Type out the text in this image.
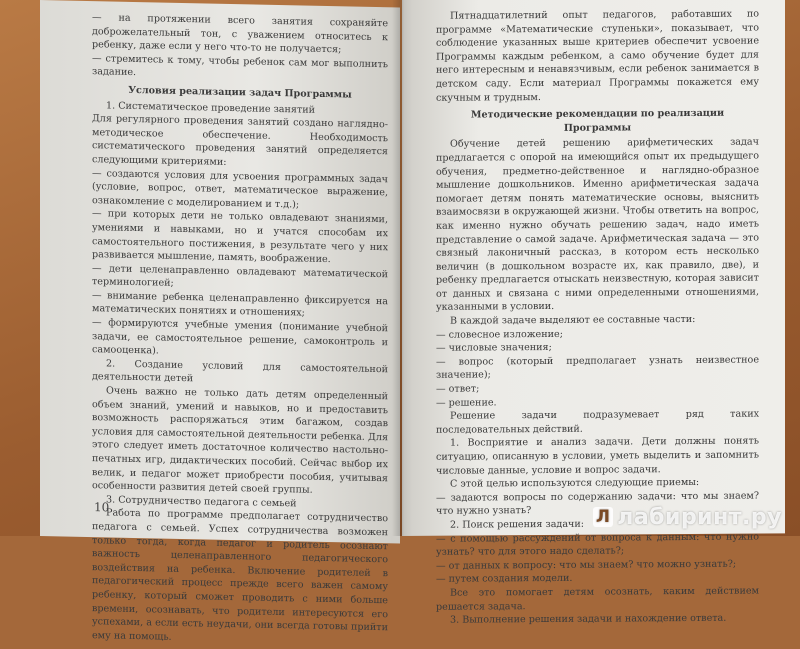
— на протяжении всего занятия сохраняйте доброжелательный тон, с уважением относитесь к ребенку, даже если у него что-то не получается;

— стремитесь к тому, чтобы ребенок сам мог выполнить задание.

Условия реализации задач Программы

1. Систематическое проведение занятий

Для регулярного проведения занятий создано наглядно-методическое обеспечение. Необходимость систематического проведения занятий определяется следующими критериями:

— создаются условия для усвоения программных задач (условие, вопрос, ответ, математическое выражение, ознакомление с моделированием и т.д.);

— при которых дети не только овладевают знаниями, умениями и навыками, но и учатся способам их самостоятельного постижения, в результате чего у них развивается мышление, память, воображение.

— дети целенаправленно овладевают математической терминологией;

— внимание ребенка целенаправленно фиксируется на математических понятиях и отношениях;

— формируются учебные умения (понимание учебной задачи, ее самостоятельное решение, самоконтроль и самооценка).

2. Создание условий для самостоятельной деятельности детей

Очень важно не только дать детям определенный объем знаний, умений и навыков, но и предоставить возможность распоряжаться этим багажом, создав условия для самостоятельной деятельности ребенка. Для этого следует иметь достаточное количество настольно-печатных игр, дидактических пособий. Сейчас выбор их велик, и педагог может приобрести пособия, учитывая особенности развития детей своей группы.

3. Сотрудничество педагога с семьей

Работа по программе предполагает сотрудничество педагога с семьей. Успех сотрудничества возможен только тогда, когда педагог и родитель осознают важность целенаправленного педагогического воздействия на ребенка. Включение родителей в педагогический процесс прежде всего важен самому ребенку, который сможет проводить с ними больше времени, осознавать, что родители интересуются его успехами, а если есть неудачи, они всегда готовы прийти ему на помощь.

10

Пятнадцатилетний опыт педагогов, работавших по программе «Математические ступеньки», показывает, что соблюдение указанных выше критериев обеспечит усвоение Программы каждым ребенком, а само обучение будет для него интересным и ненавязчивым, если ребенок занимается в детском саду. Если материал Программы покажется ему скучным и трудным.

Методические рекомендации по реализации Программы

Обучение детей решению арифметических задач предлагается с опорой на имеющийся опыт их предыдущего обучения, предметно-действенное и наглядно-образное мышление дошкольников. Именно арифметическая задача помогает детям понять математические основы, выяснить взаимосвязи в окружающей жизни. Чтобы ответить на вопрос, как именно нужно обучать решению задач, надо иметь представление о самой задаче. Арифметическая задача — это связный лаконичный рассказ, в котором есть несколько величин (в дошкольном возрасте их, как правило, две), и ребенку предлагается отыскать неизвестную, которая зависит от данных и связана с ними определенными отношениями, указанными в условии.

В каждой задаче выделяют ее составные части:

— словесное изложение;

— числовые значения;

— вопрос (который предполагает узнать неизвестное значение);

— ответ;

— решение.

Решение задачи подразумевает ряд таких последовательных действий.

1. Восприятие и анализ задачи. Дети должны понять ситуацию, описанную в условии, уметь выделить и запомнить числовые данные, условие и вопрос задачи.

С этой целью используются следующие приемы:

— задаются вопросы по содержанию задачи: что мы знаем? что нужно узнать?

2. Поиск решения задачи:

— с помощью рассуждений от вопроса к данным: что нужно узнать? что для этого надо сделать?;

— от данных к вопросу: что мы знаем? что можно узнать?;

— путем создания модели.

Все это помогает детям осознать, каким действием решается задача.

3. Выполнение решения задачи и нахождение ответа.

Л лабиринт.ру
